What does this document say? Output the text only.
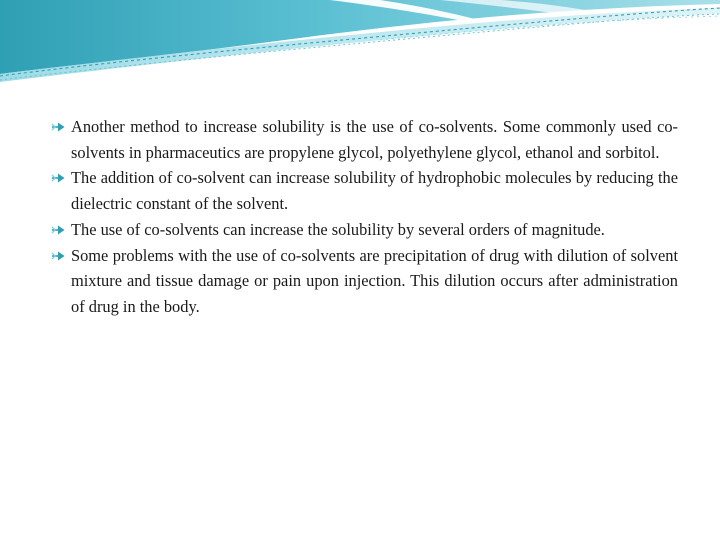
Another method to increase solubility is the use of co-solvents. Some commonly used co-solvents in pharmaceutics are propylene glycol, polyethylene glycol, ethanol and sorbitol.
The addition of co-solvent can increase solubility of hydrophobic molecules by reducing the dielectric constant of the solvent.
The use of co-solvents can increase the solubility by several orders of magnitude.
Some problems with the use of co-solvents are precipitation of drug with dilution of solvent mixture and tissue damage or pain upon injection. This dilution occurs after administration of drug in the body.
